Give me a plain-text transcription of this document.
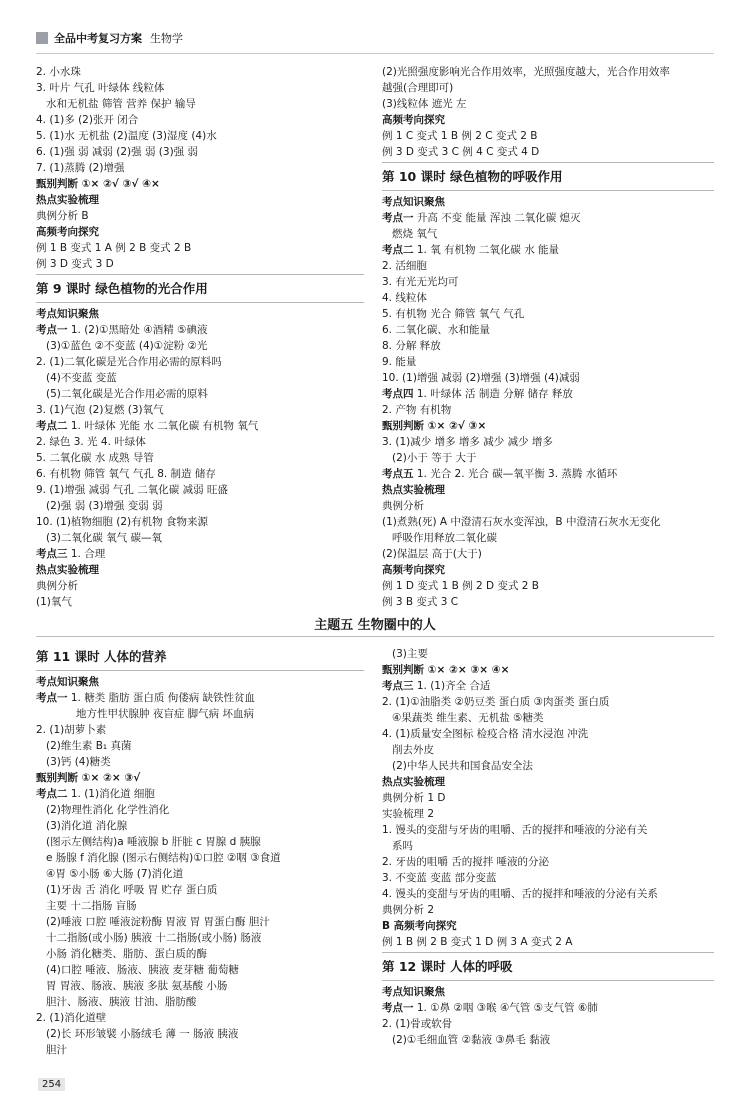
全品中考复习方案 生物学
2. 小水珠
3. 叶片 气孔 叶绿体 线粒体
水和无机盐 筛管 营养 保护 输导
4. (1)多 (2)张开 闭合
5. (1)水 无机盐 (2)温度 (3)湿度 (4)水
6. (1)强 弱 减弱 (2)强 弱 (3)强 弱
7. (1)蒸腾 (2)增强
甄别判断 ①× ②√ ③√ ④×
热点实验梳理
典例分析 B
高频考向探究
例 1 B 变式 1 A 例 2 B 变式 2 B
例 3 D 变式 3 D
第 9 课时 绿色植物的光合作用
考点知识聚焦
考点一 1. (2)①黑暗处 ④酒精 ⑤碘液
(3)①蓝色 ②不变蓝 (4)①淀粉 ②光
2. (1)二氧化碳是光合作用必需的原料吗
(4)不变蓝 变蓝
(5)二氧化碳是光合作用必需的原料
3. (1)气泡 (2)复燃 (3)氧气
考点二 1. 叶绿体 光能 水 二氧化碳 有机物 氧气
2. 绿色 3. 光 4. 叶绿体
5. 二氧化碳 水 成熟 导管
6. 有机物 筛管 氧气 气孔 8. 制造 储存
9. (1)增强 减弱 气孔 二氧化碳 减弱 旺盛
(2)强 弱 (3)增强 变弱 弱
10. (1)植物细胞 (2)有机物 食物来源
(3)二氧化碳 氧气 碳—氧
考点三 1. 合理
热点实验梳理
典例分析
(1)氧气
(2)光照强度影响光合作用效率，光照强度越大，光合作用效率
越强(合理即可)
(3)线粒体 遮光 左
高频考向探究
例 1 C 变式 1 B 例 2 C 变式 2 B
例 3 D 变式 3 C 例 4 C 变式 4 D
第 10 课时 绿色植物的呼吸作用
考点知识聚焦
考点一 升高 不变 能量 浑浊 二氧化碳 熄灭
燃烧 氧气
考点二 1. 氧 有机物 二氧化碳 水 能量
2. 活细胞
3. 有光无光均可
4. 线粒体
5. 有机物 光合 筛管 氧气 气孔
6. 二氧化碳、水和能量
8. 分解 释放
9. 能量
10. (1)增强 减弱 (2)增强 (3)增强 (4)减弱
考点四 1. 叶绿体 活 制造 分解 储存 释放
2. 产物 有机物
甄别判断 ①× ②√ ③×
3. (1)减少 增多 增多 减少 减少 增多
(2)小于 等于 大于
考点五 1. 光合 2. 光合 碳—氧平衡 3. 蒸腾 水循环
热点实验梳理
典例分析
(1)煮熟(死) A 中澄清石灰水变浑浊，B 中澄清石灰水无变化
呼吸作用释放二氧化碳
(2)保温层 高于(大于)
高频考向探究
例 1 D 变式 1 B 例 2 D 变式 2 B
例 3 B 变式 3 C
主题五 生物圈中的人
第 11 课时 人体的营养
考点知识聚焦
考点一 1. 糖类 脂肪 蛋白质 佝偻病 缺铁性贫血
地方性甲状腺肿 夜盲症 脚气病 坏血病
2. (1)胡萝卜素
(2)维生素 B₁ 真菌
(3)钙 (4)糖类
甄别判断 ①× ②× ③√
考点二 1. (1)消化道 细胞
(2)物理性消化 化学性消化
(3)消化道 消化腺
(图示左侧结构)a 唾液腺 b 肝脏 c 胃腺 d 胰腺
e 肠腺 f 消化腺 (图示右侧结构)①口腔 ②咽 ③食道
④胃 ⑤小肠 ⑥大肠 (7)消化道
(1)牙齿 舌 消化 呼吸 胃 贮存 蛋白质
主要 十二指肠 盲肠
(2)唾液 口腔 唾液淀粉酶 胃液 胃 胃蛋白酶 胆汁
十二指肠(或小肠) 胰液 十二指肠(或小肠) 肠液
小肠 消化糖类、脂肪、蛋白质的酶
(4)口腔 唾液、肠液、胰液 麦芽糖 葡萄糖
胃 胃液、肠液、胰液 多肽 氨基酸 小肠
胆汁、肠液、胰液 甘油、脂肪酸
2. (1)消化道壁
(2)长 环形皱襞 小肠绒毛 薄 一 肠液 胰液
胆汁
(3)主要
甄别判断 ①× ②× ③× ④×
考点三 1. (1)齐全 合适
2. (1)①油脂类 ②奶豆类 蛋白质 ③肉蛋类 蛋白质
④果蔬类 维生素、无机盐 ⑤糖类
4. (1)质量安全图标 检疫合格 清水浸泡 冲洗
削去外皮
(2)中华人民共和国食品安全法
热点实验梳理
典例分析 1 D
实验梳理 2
1. 馒头的变甜与牙齿的咀嚼、舌的搅拌和唾液的分泌有关
系吗
2. 牙齿的咀嚼 舌的搅拌 唾液的分泌
3. 不变蓝 变蓝 部分变蓝
4. 馒头的变甜与牙齿的咀嚼、舌的搅拌和唾液的分泌有关系
典例分析 2
B 高频考向探究
例 1 B 例 2 B 变式 1 D 例 3 A 变式 2 A
第 12 课时 人体的呼吸
考点知识聚焦
考点一 1. ①鼻 ②咽 ③喉 ④气管 ⑤支气管 ⑥肺
2. (1)骨或软骨
(2)①毛细血管 ②黏液 ③鼻毛 黏液
254
